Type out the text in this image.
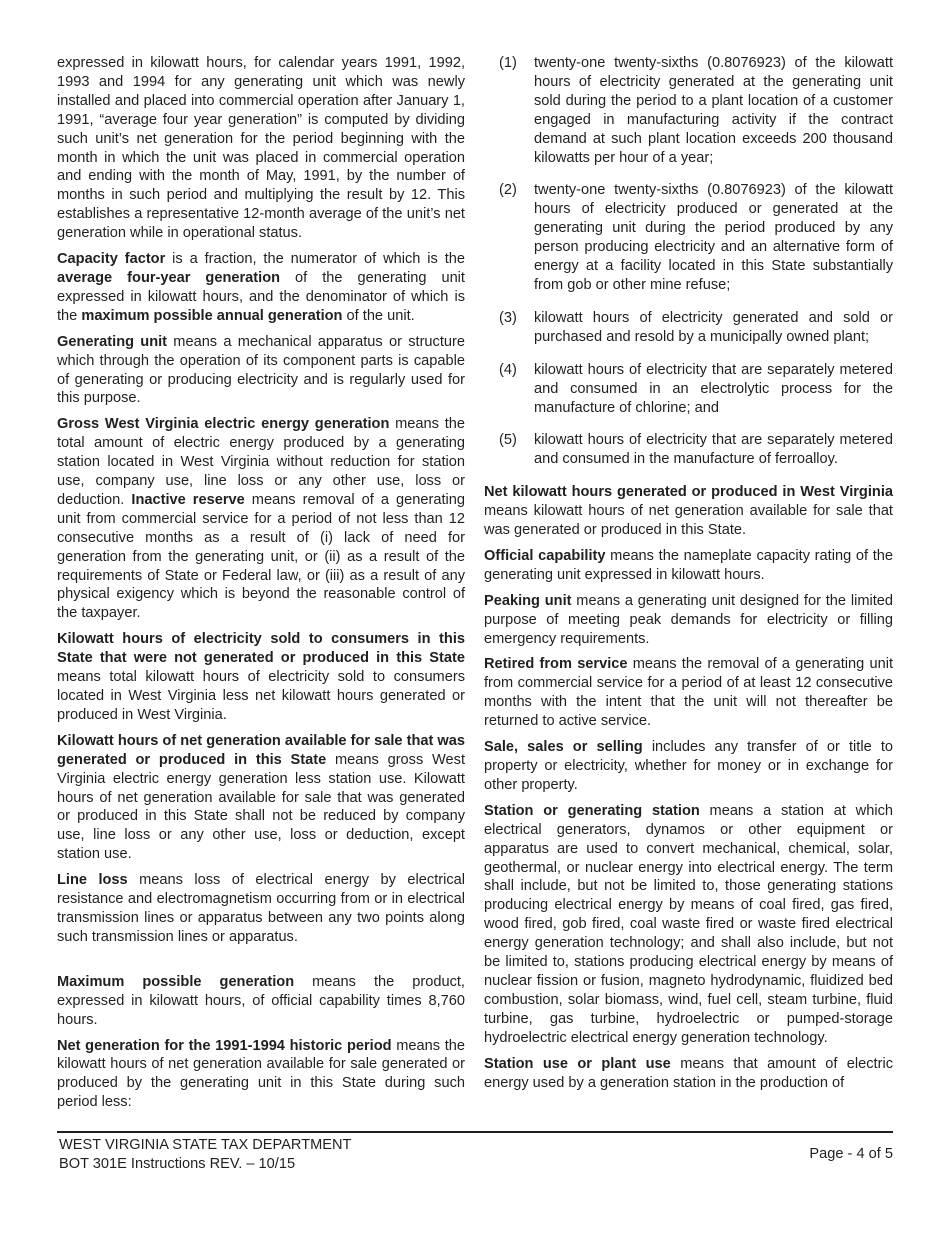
expressed in kilowatt hours, for calendar years 1991, 1992, 1993 and 1994 for any generating unit which was newly installed and placed into commercial operation after January 1, 1991, “average four year generation” is computed by dividing such unit’s net generation for the period beginning with the month in which the unit was placed in commercial operation and ending with the month of May, 1991, by the number of months in such period and multiplying the result by 12. This establishes a representative 12-month average of the unit’s net generation while in operational status.

Capacity factor is a fraction, the numerator of which is the average four-year generation of the generating unit expressed in kilowatt hours, and the denominator of which is the maximum possible annual generation of the unit.

Generating unit means a mechanical apparatus or structure which through the operation of its component parts is capable of generating or producing electricity and is regularly used for this purpose.

Gross West Virginia electric energy generation means the total amount of electric energy produced by a generating station located in West Virginia without reduction for station use, company use, line loss or any other use, loss or deduction. Inactive reserve means removal of a generating unit from commercial service for a period of not less than 12 consecutive months as a result of (i) lack of need for generation from the generating unit, or (ii) as a result of the requirements of State or Federal law, or (iii) as a result of any physical exigency which is beyond the reasonable control of the taxpayer.

Kilowatt hours of electricity sold to consumers in this State that were not generated or produced in this State means total kilowatt hours of electricity sold to consumers located in West Virginia less net kilowatt hours generated or produced in West Virginia.

Kilowatt hours of net generation available for sale that was generated or produced in this State means gross West Virginia electric energy generation less station use. Kilowatt hours of net generation available for sale that was generated or produced in this State shall not be reduced by company use, line loss or any other use, loss or deduction, except station use.

Line loss means loss of electrical energy by electrical resistance and electromagnetism occurring from or in electrical transmission lines or apparatus between any two points along such transmission lines or apparatus.

Maximum possible generation means the product, expressed in kilowatt hours, of official capability times 8,760 hours.

Net generation for the 1991-1994 historic period means the kilowatt hours of net generation available for sale generated or produced by the generating unit in this State during such period less:

(1) twenty-one twenty-sixths (0.8076923) of the kilowatt hours of electricity generated at the generating unit sold during the period to a plant location of a customer engaged in manufacturing activity if the contract demand at such plant location exceeds 200 thousand kilowatts per hour of a year;
(2) twenty-one twenty-sixths (0.8076923) of the kilowatt hours of electricity produced or generated at the generating unit during the period produced by any person producing electricity and an alternative form of energy at a facility located in this State substantially from gob or other mine refuse;
(3) kilowatt hours of electricity generated and sold or purchased and resold by a municipally owned plant;
(4) kilowatt hours of electricity that are separately metered and consumed in an electrolytic process for the manufacture of chlorine; and
(5) kilowatt hours of electricity that are separately metered and consumed in the manufacture of ferroalloy.

Net kilowatt hours generated or produced in West Virginia means kilowatt hours of net generation available for sale that was generated or produced in this State.

Official capability means the nameplate capacity rating of the generating unit expressed in kilowatt hours.

Peaking unit means a generating unit designed for the limited purpose of meeting peak demands for electricity or filling emergency requirements.

Retired from service means the removal of a generating unit from commercial service for a period of at least 12 consecutive months with the intent that the unit will not thereafter be returned to active service.

Sale, sales or selling includes any transfer of or title to property or electricity, whether for money or in exchange for other property.

Station or generating station means a station at which electrical generators, dynamos or other equipment or apparatus are used to convert mechanical, chemical, solar, geothermal, or nuclear energy into electrical energy. The term shall include, but not be limited to, those generating stations producing electrical energy by means of coal fired, gas fired, wood fired, gob fired, coal waste fired or waste fired electrical energy generation technology; and shall also include, but not be limited to, stations producing electrical energy by means of nuclear fission or fusion, magneto hydrodynamic, fluidized bed combustion, solar biomass, wind, fuel cell, steam turbine, fluid turbine, gas turbine, hydroelectric or pumped-storage hydroelectric electrical energy generation technology.

Station use or plant use means that amount of electric energy used by a generation station in the production of

WEST VIRGINIA STATE TAX DEPARTMENT
BOT 301E Instructions REV. – 10/15
Page - 4 of 5
